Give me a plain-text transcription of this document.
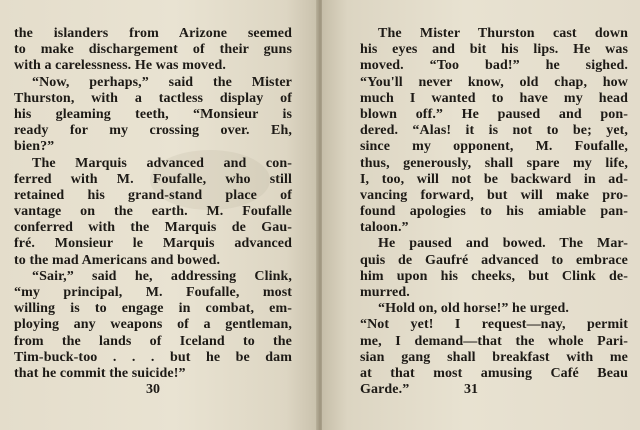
the islanders from Arizone seemed
to make dischargement of their guns
with a carelessness. He was moved.
“Now, perhaps,” said the Mister
Thurston, with a tactless display of
his gleaming teeth, “Monsieur is
ready for my crossing over. Eh,
bien?”
The Marquis advanced and con-
ferred with M. Foufalle, who still
retained his grand-stand place of
vantage on the earth. M. Foufalle
conferred with the Marquis de Gau-
fré. Monsieur le Marquis advanced
to the mad Americans and bowed.
“Sair,” said he, addressing Clink,
“my principal, M. Foufalle, most
willing is to engage in combat, em-
ploying any weapons of a gentleman,
from the lands of Iceland to the
Tim-buck-too . . . but he be dam
that he commit the suicide!”
30
The Mister Thurston cast down
his eyes and bit his lips. He was
moved. “Too bad!” he sighed.
“You'll never know, old chap, how
much I wanted to have my head
blown off.” He paused and pon-
dered. “Alas! it is not to be; yet,
since my opponent, M. Foufalle,
thus, generously, shall spare my life,
I, too, will not be backward in ad-
vancing forward, but will make pro-
found apologies to his amiable pan-
taloon.”
He paused and bowed. The Mar-
quis de Gaufré advanced to embrace
him upon his cheeks, but Clink de-
murred.
“Hold on, old horse!” he urged.
“Not yet! I request—nay, permit
me, I demand—that the whole Pari-
sian gang shall breakfast with me
at that most amusing Café Beau
Garde.”	31
